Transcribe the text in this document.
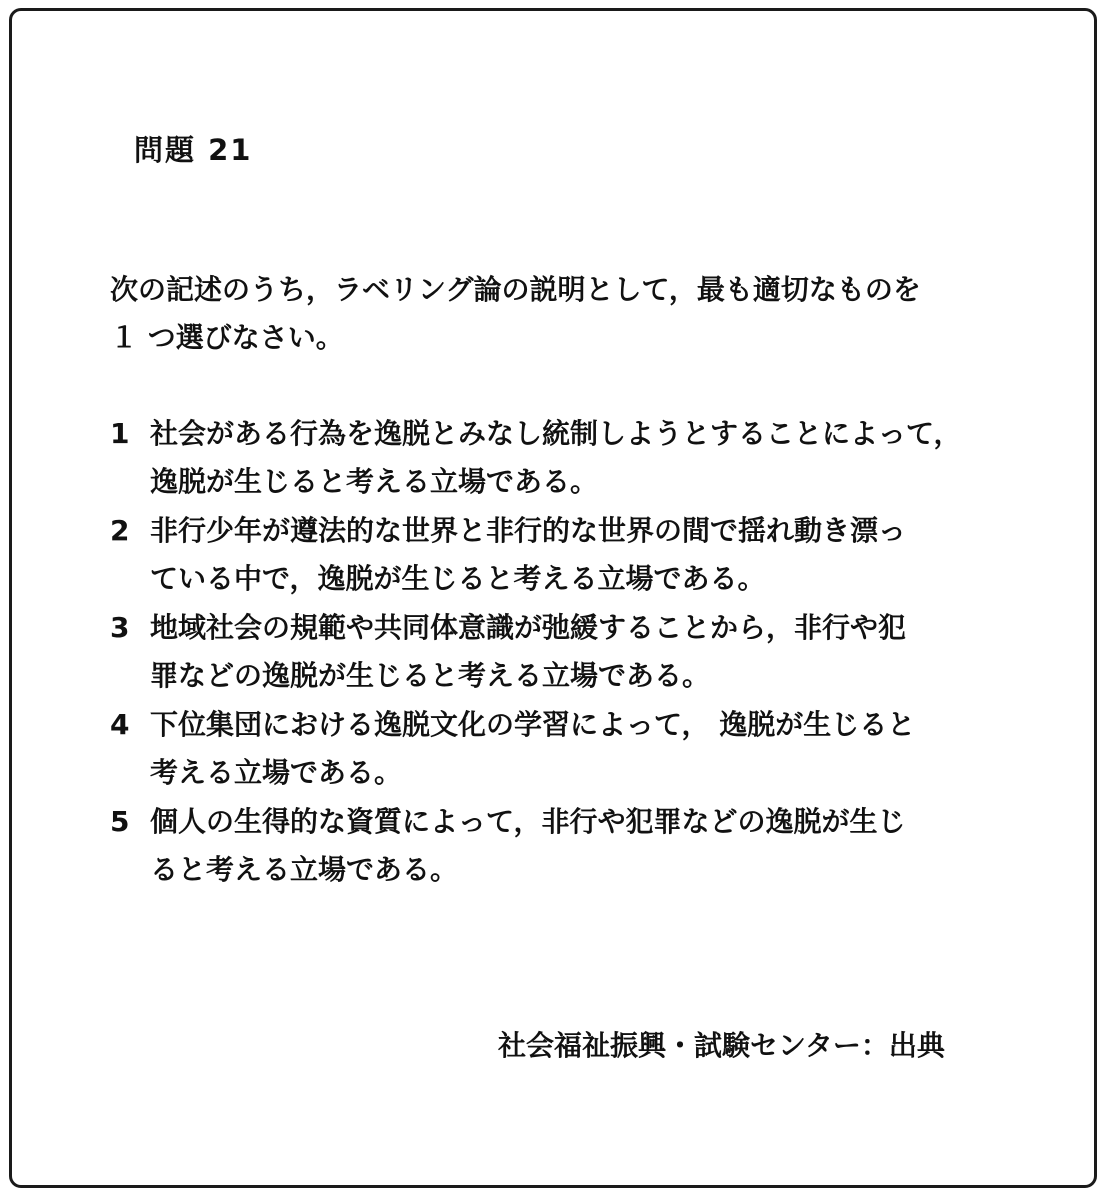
問題 21
次の記述のうち，ラベリング論の説明として，最も適切なものを
１ つ選びなさい。
1 社会がある行為を逸脱とみなし統制しようとすることによって，
逸脱が生じると考える立場である。
2 非行少年が遵法的な世界と非行的な世界の間で揺れ動き漂っ
ている中で，逸脱が生じると考える立場である。
3 地域社会の規範や共同体意識が弛緩することから，非行や犯
罪などの逸脱が生じると考える立場である。
4 下位集団における逸脱文化の学習によって， 逸脱が生じると
考える立場である。
5 個人の生得的な資質によって，非行や犯罪などの逸脱が生じ
ると考える立場である。
社会福祉振興・試験センター：出典
